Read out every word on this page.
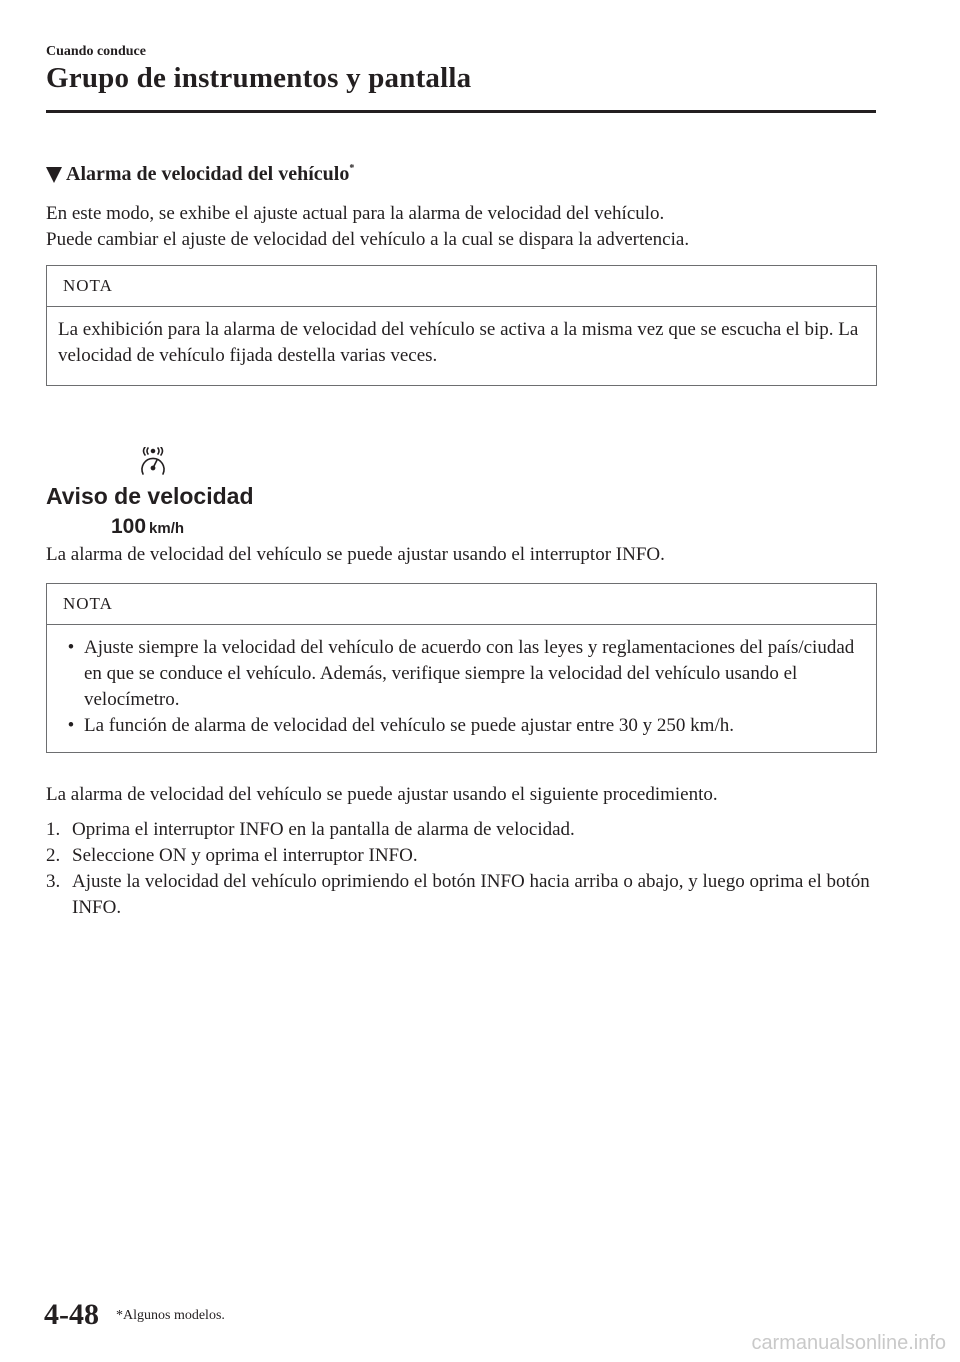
Cuando conduce
Grupo de instrumentos y pantalla
Alarma de velocidad del vehículo*
En este modo, se exhibe el ajuste actual para la alarma de velocidad del vehículo.
Puede cambiar el ajuste de velocidad del vehículo a la cual se dispara la advertencia.
NOTA
La exhibición para la alarma de velocidad del vehículo se activa a la misma vez que se escucha el bip. La velocidad de vehículo fijada destella varias veces.
Aviso de velocidad
100 km/h
La alarma de velocidad del vehículo se puede ajustar usando el interruptor INFO.
NOTA
• Ajuste siempre la velocidad del vehículo de acuerdo con las leyes y reglamentaciones del país/ciudad en que se conduce el vehículo. Además, verifique siempre la velocidad del vehículo usando el velocímetro.
• La función de alarma de velocidad del vehículo se puede ajustar entre 30 y 250 km/h.
La alarma de velocidad del vehículo se puede ajustar usando el siguiente procedimiento.
1. Oprima el interruptor INFO en la pantalla de alarma de velocidad.
2. Seleccione ON y oprima el interruptor INFO.
3. Ajuste la velocidad del vehículo oprimiendo el botón INFO hacia arriba o abajo, y luego oprima el botón INFO.
4-48 *Algunos modelos.
carmanualsonline.info
